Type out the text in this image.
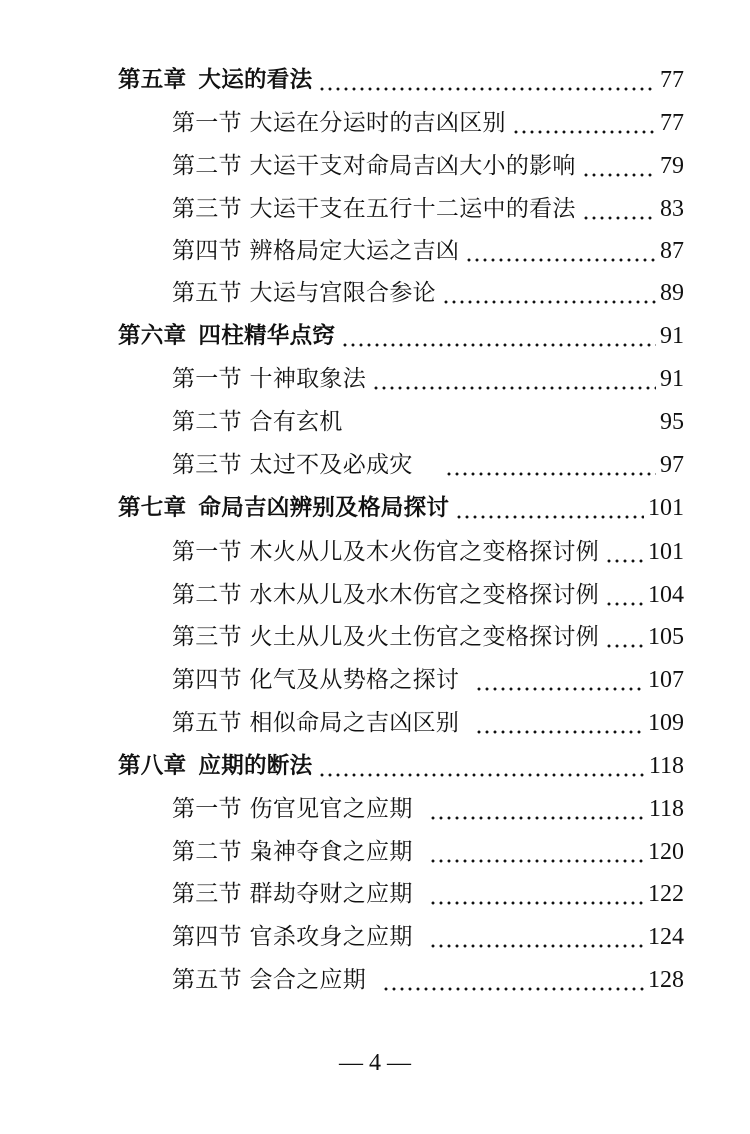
第五章 大运的看法	77
第一节 大运在分运时的吉凶区别	77
第二节 大运干支对命局吉凶大小的影响	79
第三节 大运干支在五行十二运中的看法	83
第四节 辨格局定大运之吉凶	87
第五节 大运与宫限合参论	89
第六章 四柱精华点窍	91
第一节 十神取象法	91
第二节 合有玄机	95
第三节 太过不及必成灾	97
第七章 命局吉凶辨别及格局探讨	101
第一节 木火从儿及木火伤官之变格探讨例 101
第二节 水木从儿及水木伤官之变格探讨例 104
第三节 火土从儿及火土伤官之变格探讨例 105
第四节 化气及从势格之探讨	107
第五节 相似命局之吉凶区别	109
第八章 应期的断法	118
第一节 伤官见官之应期	118
第二节 枭神夺食之应期	120
第三节 群劫夺财之应期	122
第四节 官杀攻身之应期	124
第五节 会合之应期	128
— 4 —
